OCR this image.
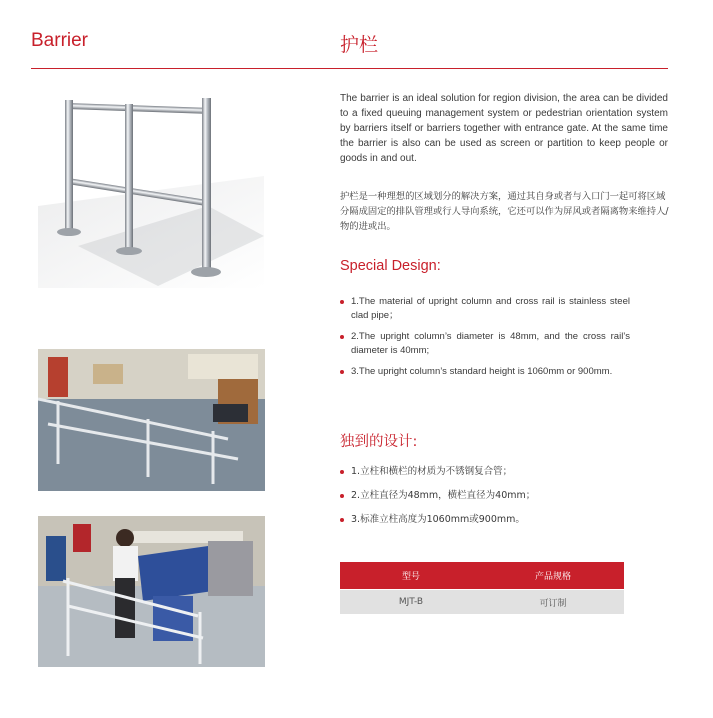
Barrier	护栏

The barrier is an ideal solution for region division, the area can be divided to a fixed queuing management system or pedestrian orientation system by barriers itself or barriers together with entrance gate. At the same time the barrier is also can be used as screen or partition to keep people or goods in and out.

护栏是一种理想的区域划分的解决方案，通过其自身或者与入口门一起可将区域分隔成固定的排队管理或行人导向系统，它还可以作为屏风或者隔离物来维持人/物的进或出。

Special Design:
1.The material of upright column and cross rail is stainless steel clad pipe；
2.The upright column’s diameter is 48mm, and the cross rail’s diameter is 40mm;
3.The upright column’s standard height is 1060mm or 900mm.
独到的设计:
1.立柱和横栏的材质为不锈钢复合管；
2.立柱直径为48mm，横栏直径为40mm；
3.标准立柱高度为1060mm或900mm。
型号	产品规格
MJT-B	可订制
